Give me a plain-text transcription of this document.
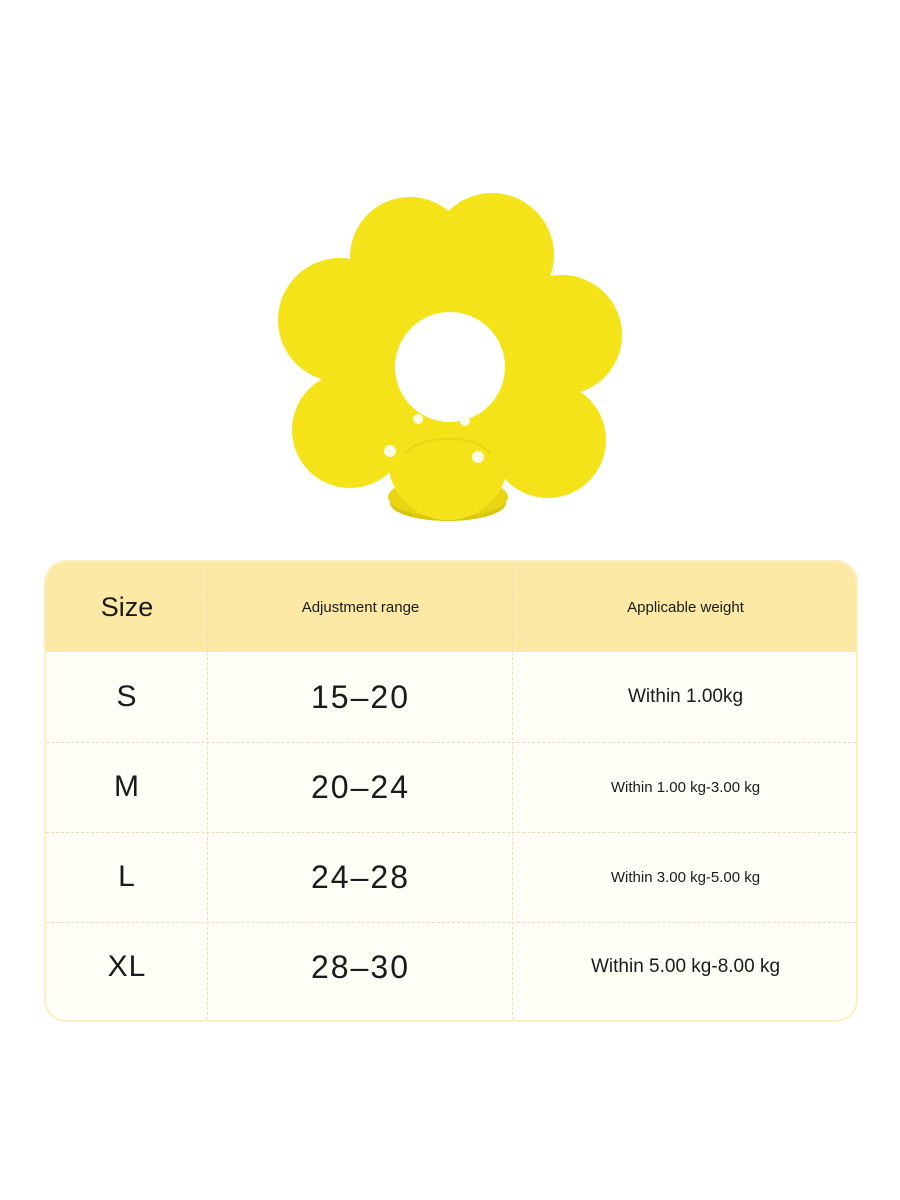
Size	Adjustment range	Applicable weight
S	15–20	Within 1.00kg
M	20–24	Within 1.00 kg-3.00 kg
L	24–28	Within 3.00 kg-5.00 kg
XL	28–30	Within 5.00 kg-8.00 kg
